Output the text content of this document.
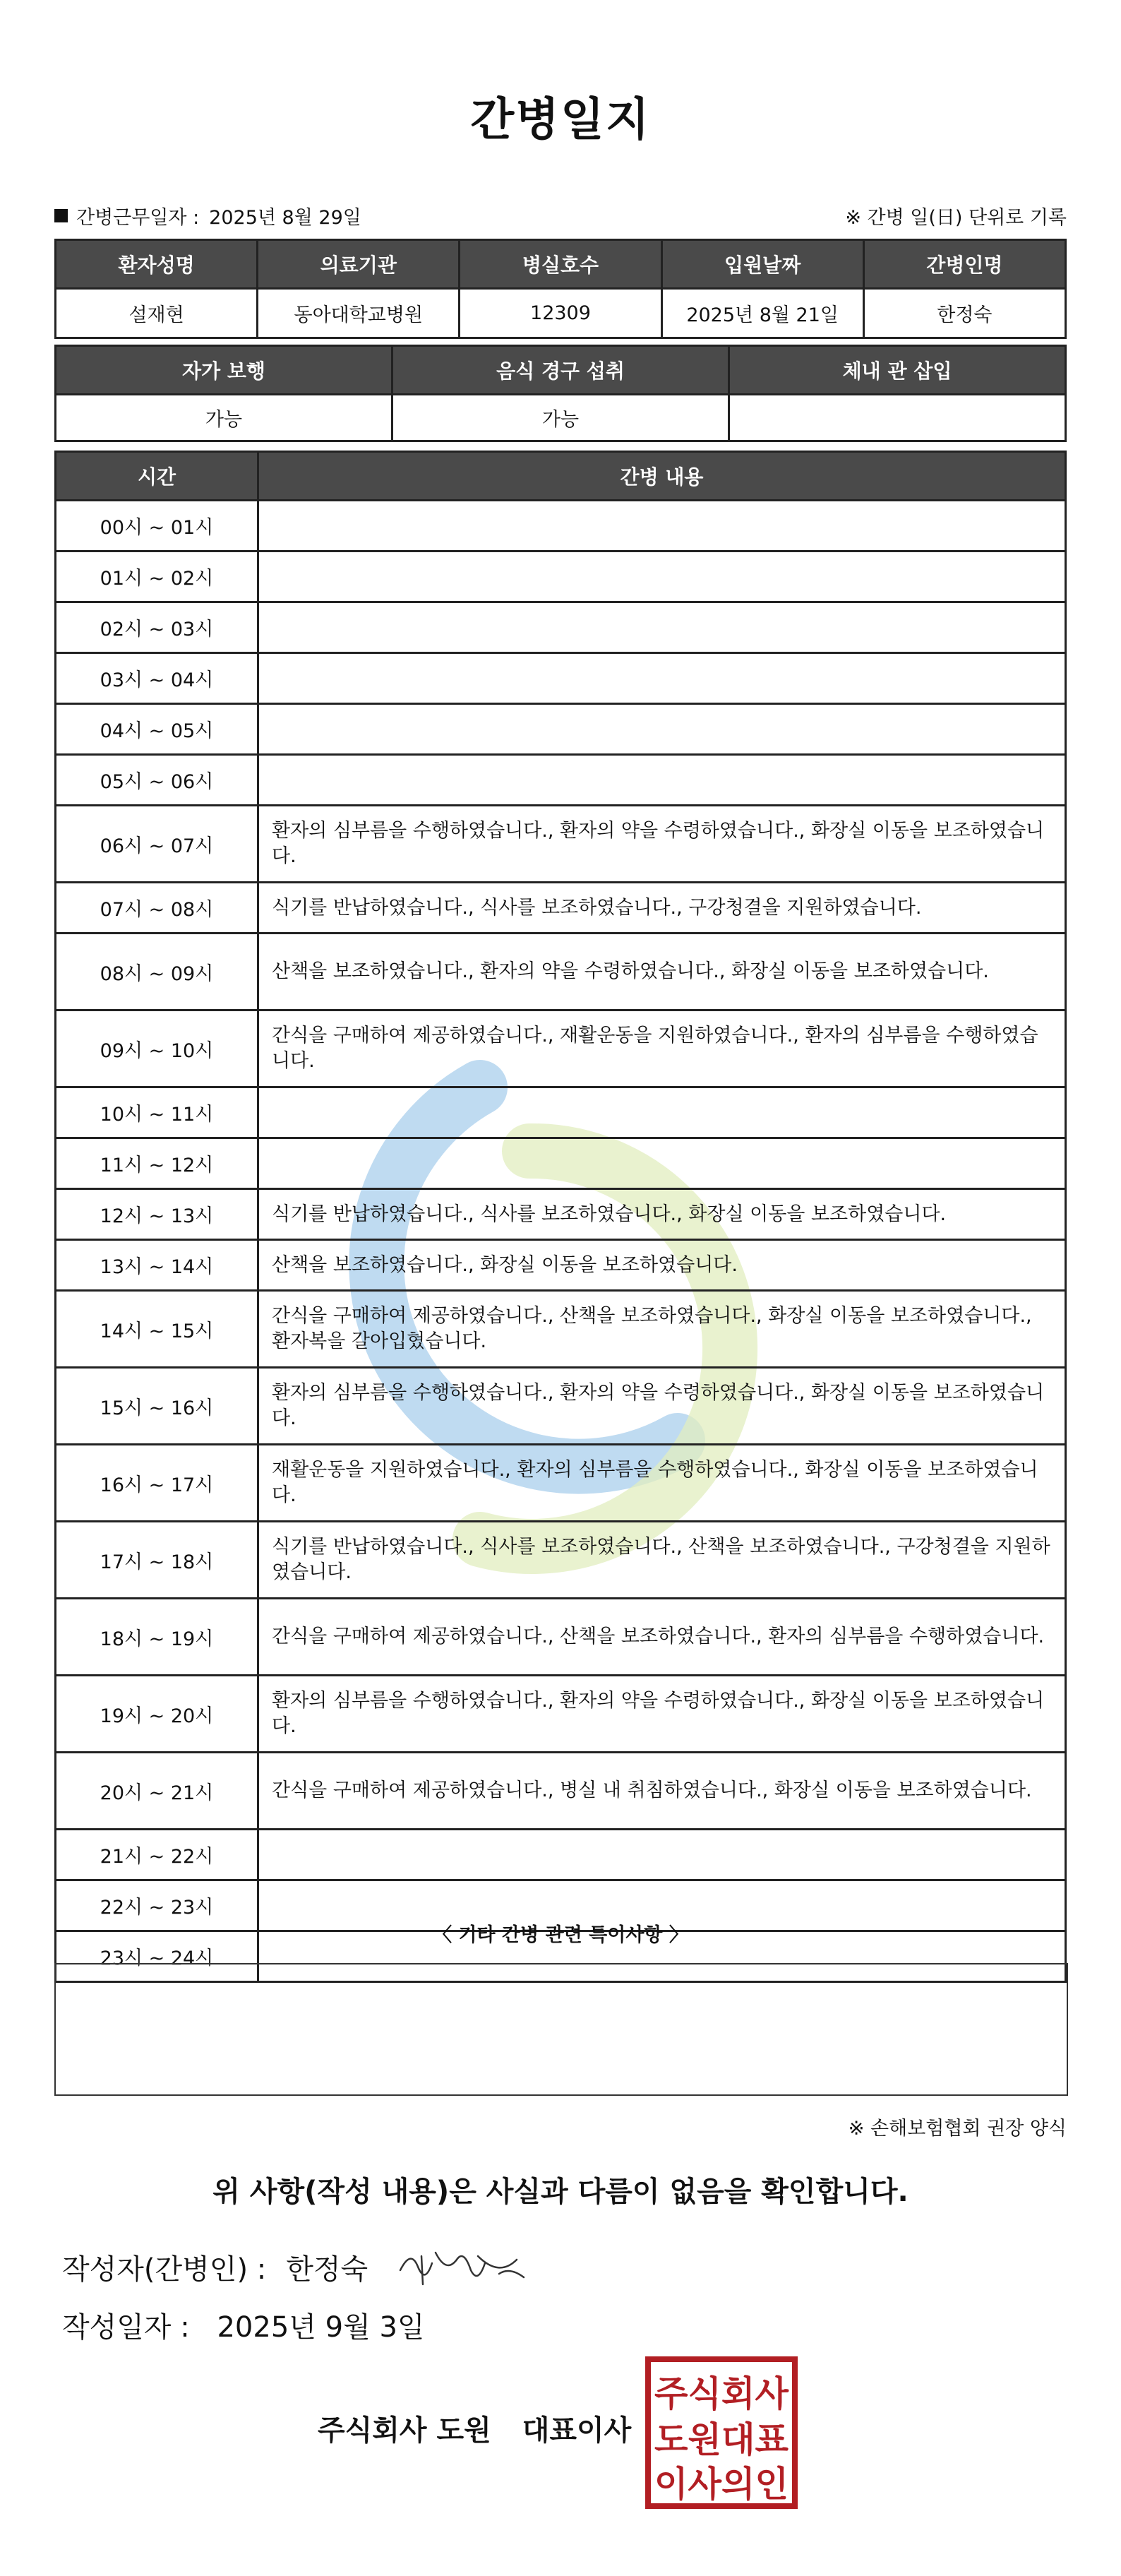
간병일지
간병근무일자 : 2025년 8월 29일	※ 간병 일(日) 단위로 기록
환자성명	의료기관	병실호수	입원날짜	간병인명
설재현	동아대학교병원	12309	2025년 8월 21일	한정숙
자가 보행	음식 경구 섭취	체내 관 삽입
가능	가능	
시간	간병 내용
00시 ~ 01시	
01시 ~ 02시	
02시 ~ 03시	
03시 ~ 04시	
04시 ~ 05시	
05시 ~ 06시	
06시 ~ 07시	환자의 심부름을 수행하였습니다., 환자의 약을 수령하였습니다., 화장실 이동을 보조하였습니다.
07시 ~ 08시	식기를 반납하였습니다., 식사를 보조하였습니다., 구강청결을 지원하였습니다.
08시 ~ 09시	산책을 보조하였습니다., 환자의 약을 수령하였습니다., 화장실 이동을 보조하였습니다.
09시 ~ 10시	간식을 구매하여 제공하였습니다., 재활운동을 지원하였습니다., 환자의 심부름을 수행하였습니다.
10시 ~ 11시	
11시 ~ 12시	
12시 ~ 13시	식기를 반납하였습니다., 식사를 보조하였습니다., 화장실 이동을 보조하였습니다.
13시 ~ 14시	산책을 보조하였습니다., 화장실 이동을 보조하였습니다.
14시 ~ 15시	간식을 구매하여 제공하였습니다., 산책을 보조하였습니다., 화장실 이동을 보조하였습니다., 환자복을 갈아입혔습니다.
15시 ~ 16시	환자의 심부름을 수행하였습니다., 환자의 약을 수령하였습니다., 화장실 이동을 보조하였습니다.
16시 ~ 17시	재활운동을 지원하였습니다., 환자의 심부름을 수행하였습니다., 화장실 이동을 보조하였습니다.
17시 ~ 18시	식기를 반납하였습니다., 식사를 보조하였습니다., 산책을 보조하였습니다., 구강청결을 지원하였습니다.
18시 ~ 19시	간식을 구매하여 제공하였습니다., 산책을 보조하였습니다., 환자의 심부름을 수행하였습니다.
19시 ~ 20시	환자의 심부름을 수행하였습니다., 환자의 약을 수령하였습니다., 화장실 이동을 보조하였습니다.
20시 ~ 21시	간식을 구매하여 제공하였습니다., 병실 내 취침하였습니다., 화장실 이동을 보조하였습니다.
21시 ~ 22시	
22시 ~ 23시	
23시 ~ 24시	
〈 기타 간병 관련 특이사항 〉
※ 손해보험협회 권장 양식
위 사항(작성 내용)은 사실과 다름이 없음을 확인합니다.
작성자(간병인) : 한정숙
작성일자 : 2025년 9월 3일
주식회사 도원 대표이사
주식회사
도원대표
이사의인
